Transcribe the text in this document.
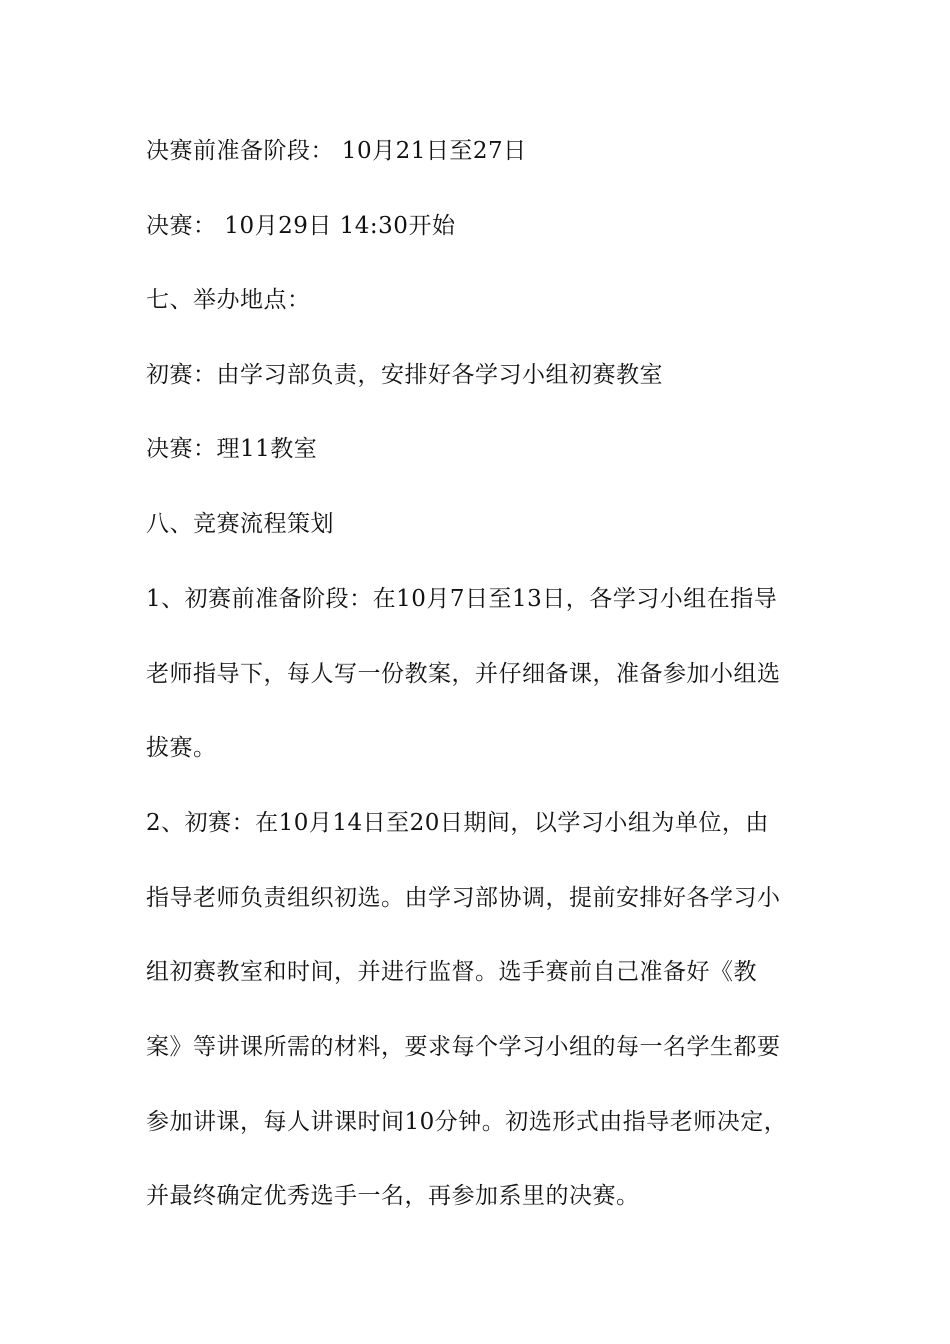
决赛前准备阶段： 10月21日至27日
决赛： 10月29日 14:30开始
七、举办地点：
初赛：由学习部负责，安排好各学习小组初赛教室
决赛：理11教室
八、竞赛流程策划
1、初赛前准备阶段：在10月7日至13日，各学习小组在指导
老师指导下，每人写一份教案，并仔细备课，准备参加小组选
拔赛。
2、初赛：在10月14日至20日期间，以学习小组为单位，由
指导老师负责组织初选。由学习部协调，提前安排好各学习小
组初赛教室和时间，并进行监督。选手赛前自己准备好《教
案》等讲课所需的材料，要求每个学习小组的每一名学生都要
参加讲课，每人讲课时间10分钟。初选形式由指导老师决定，
并最终确定优秀选手一名，再参加系里的决赛。
